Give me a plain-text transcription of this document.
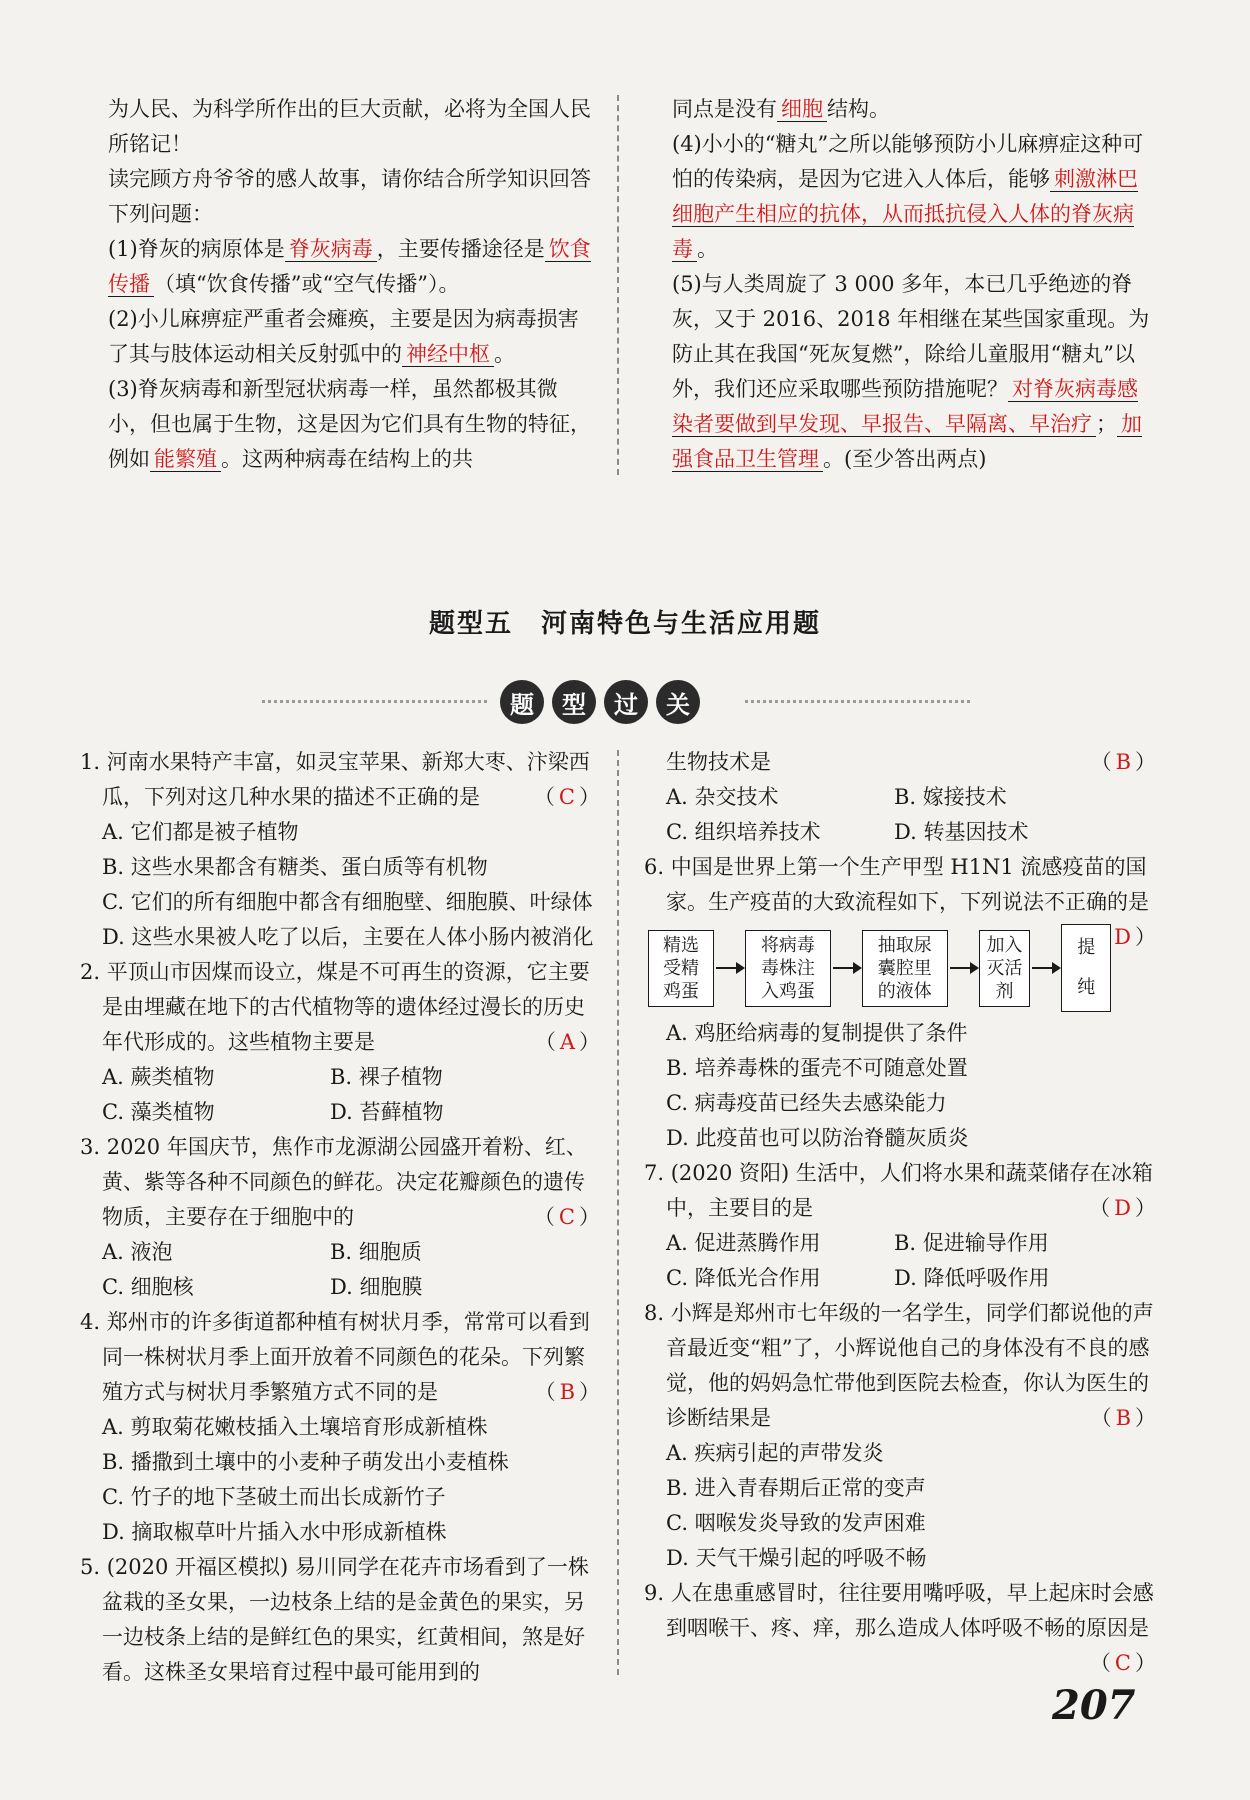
为人民、为科学所作出的巨大贡献，必将为全国人民所铭记！

读完顾方舟爷爷的感人故事，请你结合所学知识回答下列问题：

(1)脊灰的病原体是 脊灰病毒 ，主要传播途径是 饮食传播 （填“饮食传播”或“空气传播”）。

(2)小儿麻痹症严重者会瘫痪，主要是因为病毒损害了其与肢体运动相关反射弧中的 神经中枢 。

(3)脊灰病毒和新型冠状病毒一样，虽然都极其微小，但也属于生物，这是因为它们具有生物的特征，例如 能繁殖 。这两种病毒在结构上的共

同点是没有 细胞 结构。

(4)小小的“糖丸”之所以能够预防小儿麻痹症这种可怕的传染病，是因为它进入人体后，能够 刺激淋巴细胞产生相应的抗体，从而抵抗侵入人体的脊灰病毒 。

(5)与人类周旋了 3 000 多年，本已几乎绝迹的脊灰，又于 2016、2018 年相继在某些国家重现。为防止其在我国“死灰复燃”，除给儿童服用“糖丸”以外，我们还应采取哪些预防措施呢？ 对脊灰病毒感染者要做到早发现、早报告、早隔离、早治疗 ； 加强食品卫生管理 。(至少答出两点)

题型五　河南特色与生活应用题
题	型	过	关

1. 河南水果特产丰富，如灵宝苹果、新郑大枣、汴梁西瓜，下列对这几种水果的描述不正确的是	（ C ）

A. 它们都是被子植物

B. 这些水果都含有糖类、蛋白质等有机物

C. 它们的所有细胞中都含有细胞壁、细胞膜、叶绿体

D. 这些水果被人吃了以后，主要在人体小肠内被消化

2. 平顶山市因煤而设立，煤是不可再生的资源，它主要是由埋藏在地下的古代植物等的遗体经过漫长的历史年代形成的。这些植物主要是	（ A ）

A. 蕨类植物	B. 裸子植物
C. 藻类植物	D. 苔藓植物

3. 2020 年国庆节，焦作市龙源湖公园盛开着粉、红、黄、紫等各种不同颜色的鲜花。决定花瓣颜色的遗传物质，主要存在于细胞中的	（ C ）

A. 液泡	B. 细胞质
C. 细胞核	D. 细胞膜

4. 郑州市的许多街道都种植有树状月季，常常可以看到同一株树状月季上面开放着不同颜色的花朵。下列繁殖方式与树状月季繁殖方式不同的是	（ B ）

A. 剪取菊花嫩枝插入土壤培育形成新植株

B. 播撒到土壤中的小麦种子萌发出小麦植株

C. 竹子的地下茎破土而出长成新竹子

D. 摘取椒草叶片插入水中形成新植株

5. (2020 开福区模拟) 易川同学在花卉市场看到了一株盆栽的圣女果，一边枝条上结的是金黄色的果实，另一边枝条上结的是鲜红色的果实，红黄相间，煞是好看。这株圣女果培育过程中最可能用到的

生物技术是	（ B ）

A. 杂交技术	B. 嫁接技术
C. 组织培养技术	D. 转基因技术

6. 中国是世界上第一个生产甲型 H1N1 流感疫苗的国家。生产疫苗的大致流程如下，下列说法不正确的是
D ）

精选受精鸡蛋
将病毒毒株注入鸡蛋
抽取尿囊腔里的液体
加入灭活剂
提纯

A. 鸡胚给病毒的复制提供了条件

B. 培养毒株的蛋壳不可随意处置

C. 病毒疫苗已经失去感染能力

D. 此疫苗也可以防治脊髓灰质炎

7. (2020 资阳) 生活中，人们将水果和蔬菜储存在冰箱中，主要目的是	（ D ）

A. 促进蒸腾作用	B. 促进输导作用
C. 降低光合作用	D. 降低呼吸作用

8. 小辉是郑州市七年级的一名学生，同学们都说他的声音最近变“粗”了，小辉说他自己的身体没有不良的感觉，他的妈妈急忙带他到医院去检查，你认为医生的诊断结果是	（ B ）

A. 疾病引起的声带发炎

B. 进入青春期后正常的变声

C. 咽喉发炎导致的发声困难

D. 天气干燥引起的呼吸不畅

9. 人在患重感冒时，往往要用嘴呼吸，早上起床时会感到咽喉干、疼、痒，那么造成人体呼吸不畅的原因是
（ C ）

207
